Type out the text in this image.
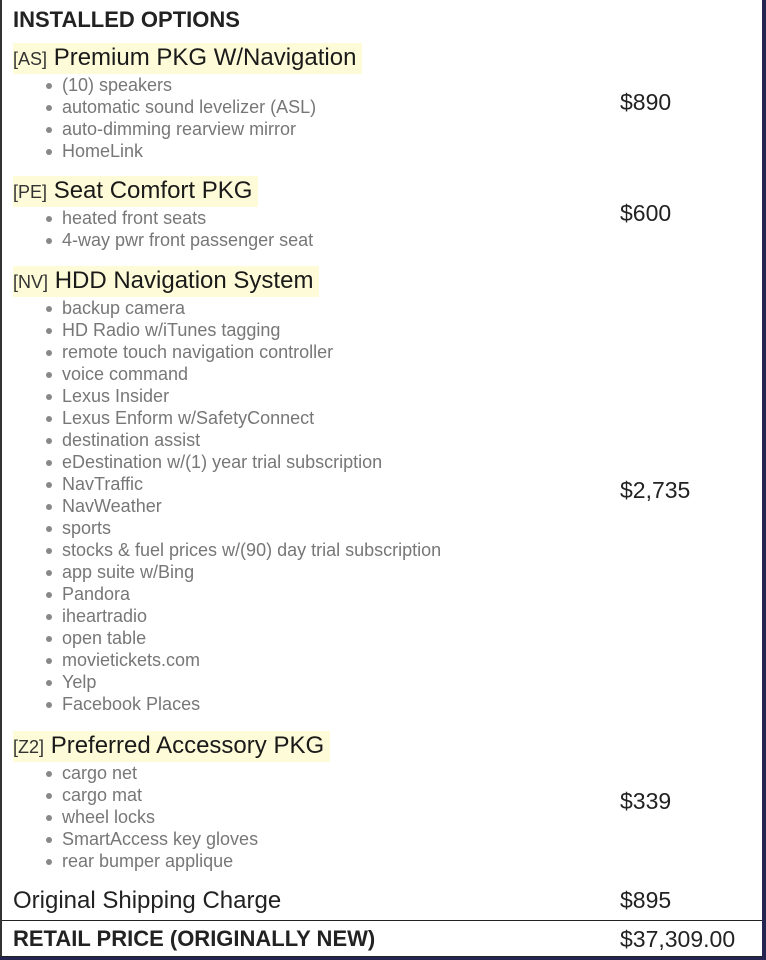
INSTALLED OPTIONS
[AS] Premium PKG W/Navigation
(10) speakers
automatic sound levelizer (ASL)
auto-dimming rearview mirror
HomeLink
$890
[PE] Seat Comfort PKG
heated front seats
4-way pwr front passenger seat
$600
[NV] HDD Navigation System
backup camera
HD Radio w/iTunes tagging
remote touch navigation controller
voice command
Lexus Insider
Lexus Enform w/SafetyConnect
destination assist
eDestination w/(1) year trial subscription
NavTraffic
NavWeather
sports
stocks & fuel prices w/(90) day trial subscription
app suite w/Bing
Pandora
iheartradio
open table
movietickets.com
Yelp
Facebook Places
$2,735
[Z2] Preferred Accessory PKG
cargo net
cargo mat
wheel locks
SmartAccess key gloves
rear bumper applique
$339
Original Shipping Charge	$895
RETAIL PRICE (ORIGINALLY NEW)	$37,309.00
